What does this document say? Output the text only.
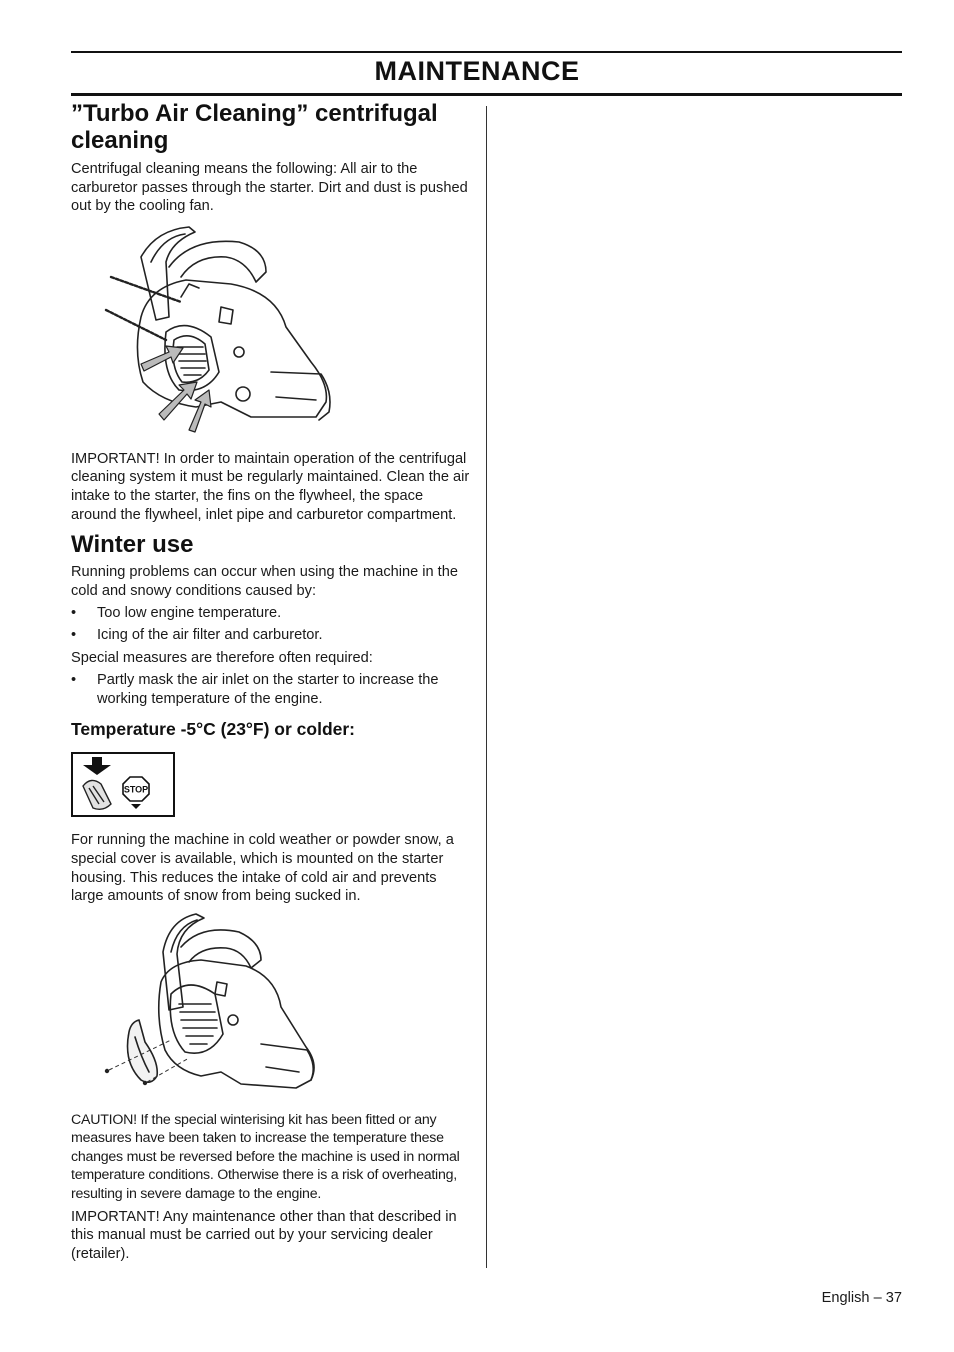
MAINTENANCE
”Turbo Air Cleaning” centrifugal cleaning

Centrifugal cleaning means the following: All air to the carburetor passes through the starter. Dirt and dust is pushed out by the cooling fan.

IMPORTANT! In order to maintain operation of the centrifugal cleaning system it must be regularly maintained. Clean the air intake to the starter, the fins on the flywheel, the space around the flywheel, inlet pipe and carburetor compartment.

Winter use

Running problems can occur when using the machine in the cold and snowy conditions caused by:

• Too low engine temperature.
• Icing of the air filter and carburetor.

Special measures are therefore often required:

• Partly mask the air inlet on the starter to increase the working temperature of the engine.
Temperature -5°C (23°F) or colder:
STOP

For running the machine in cold weather or powder snow, a special cover is available, which is mounted on the starter housing. This reduces the intake of cold air and prevents large amounts of snow from being sucked in.

CAUTION! If the special winterising kit has been fitted or any measures have been taken to increase the temperature these changes must be reversed before the machine is used in normal temperature conditions. Otherwise there is a risk of overheating, resulting in severe damage to the engine.

IMPORTANT! Any maintenance other than that described in this manual must be carried out by your servicing dealer (retailer).

English – 37
